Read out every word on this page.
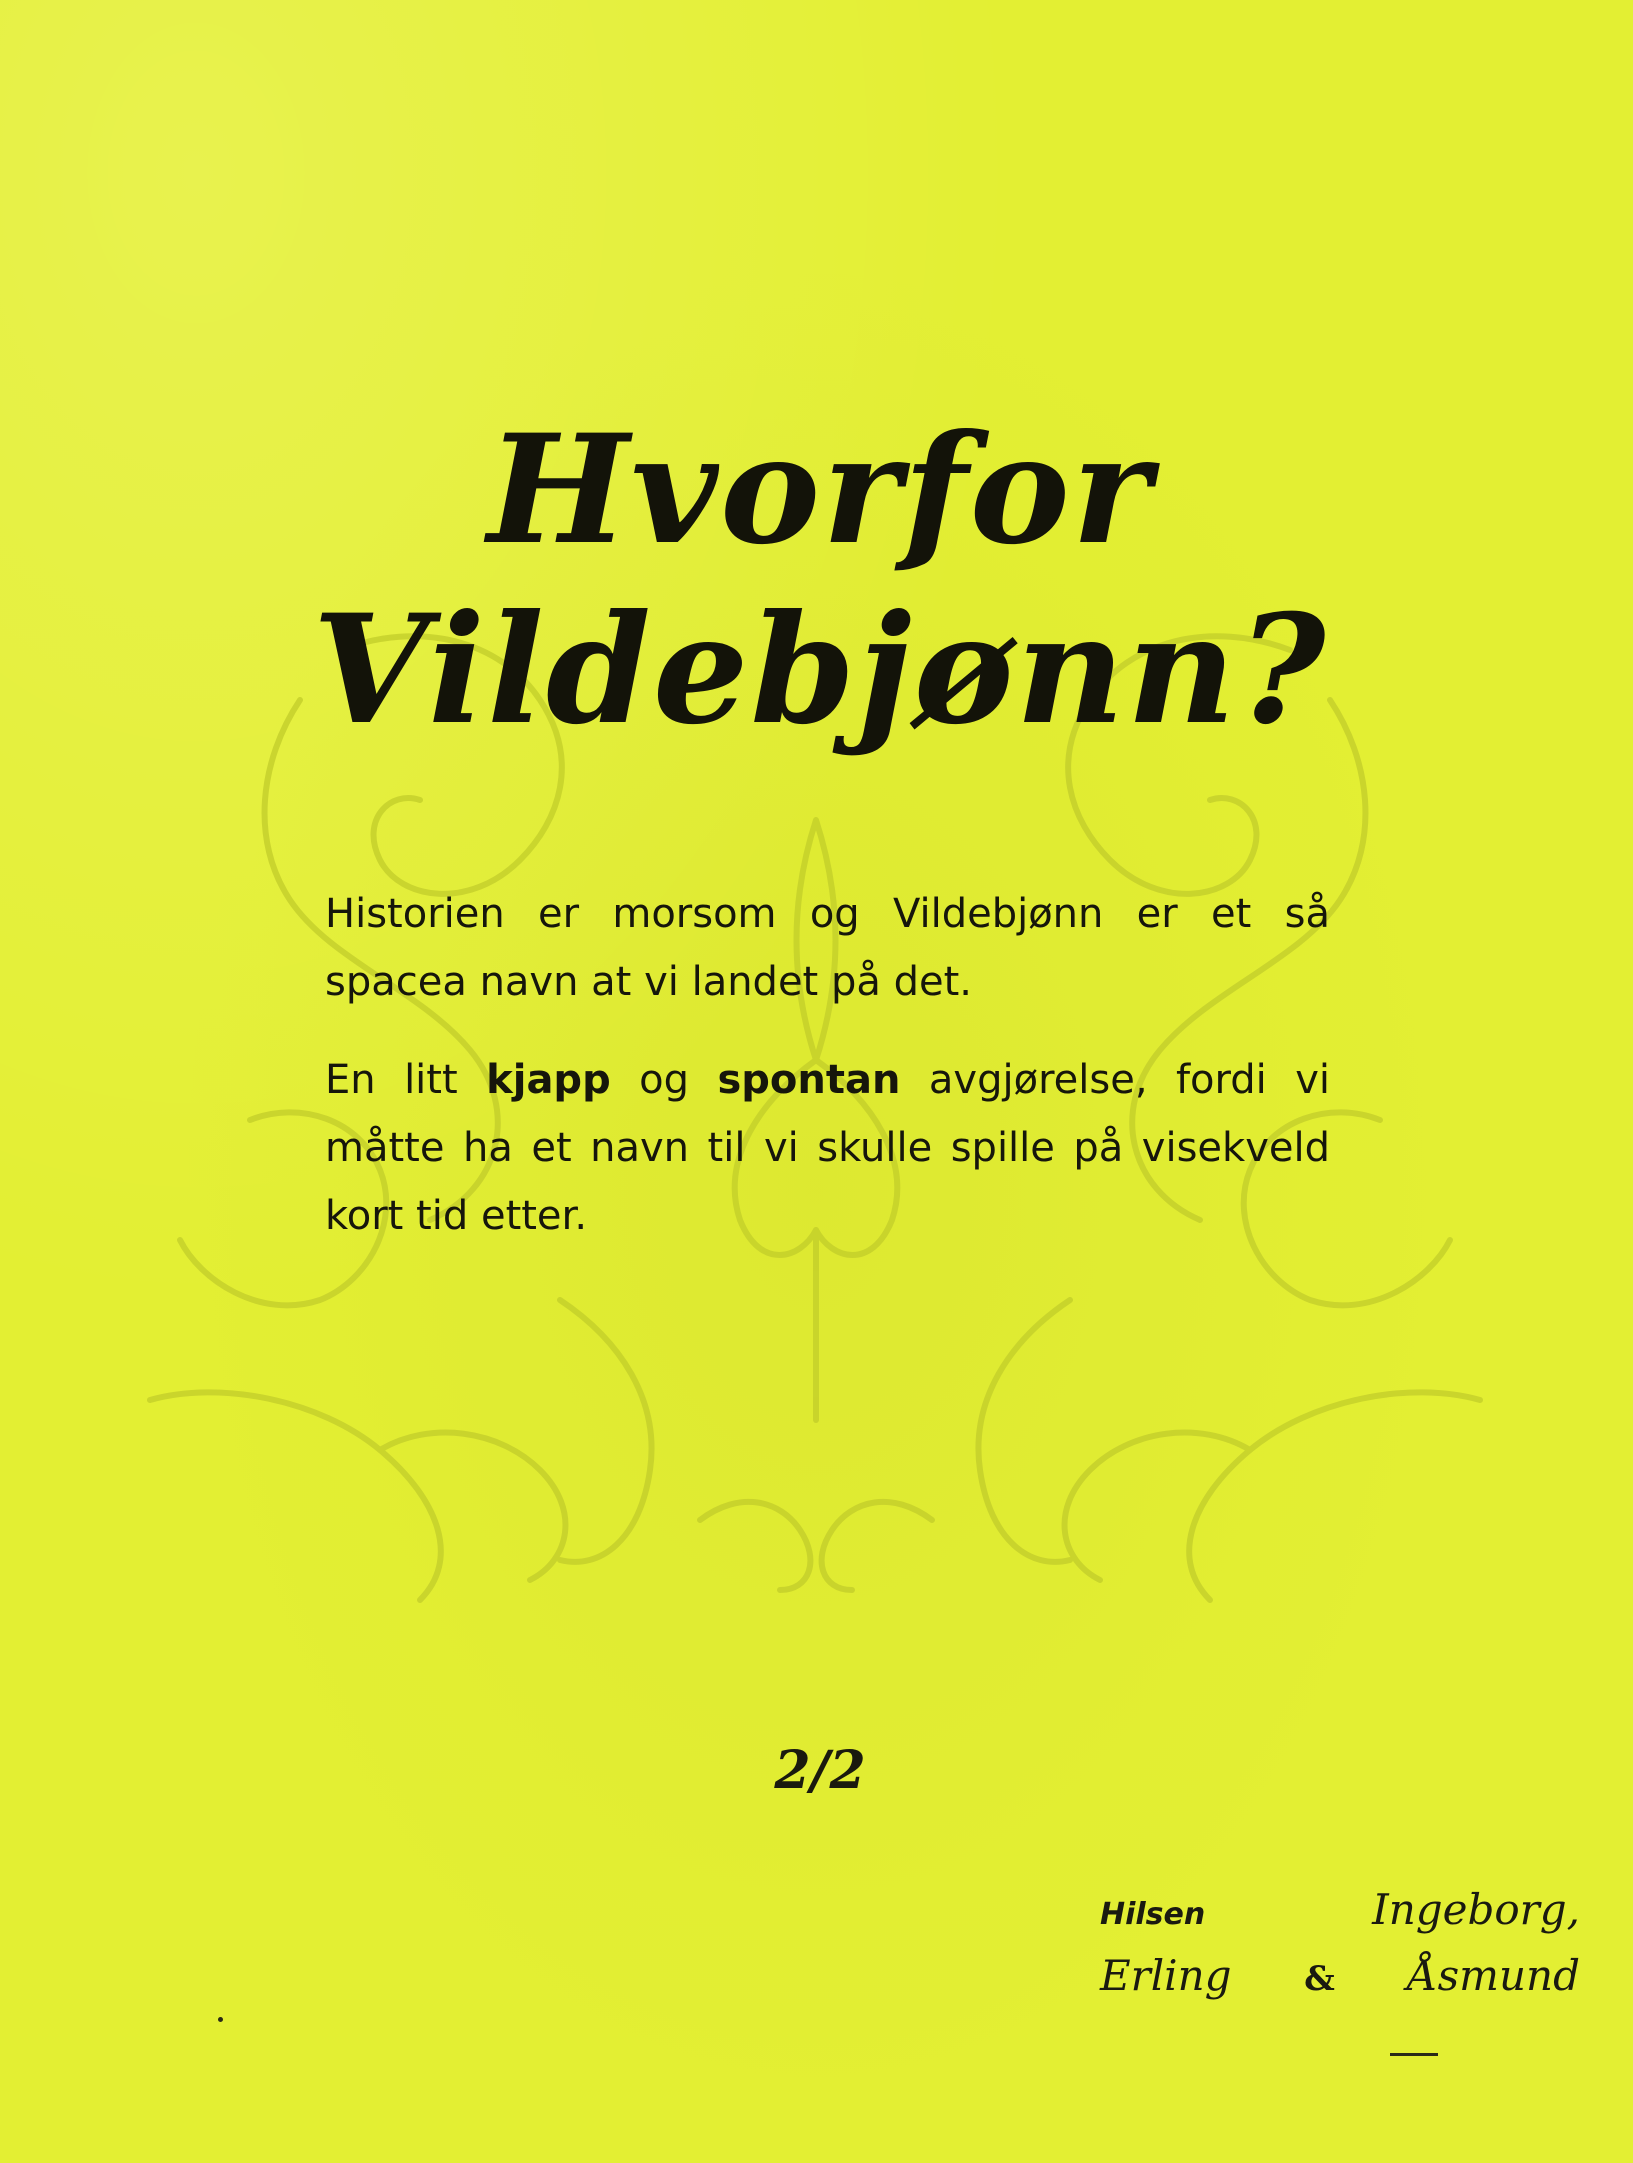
Hvorfor Vildebjønn?

Historien er morsom og Vildebjønn er et så spacea navn at vi landet på det.

En litt kjapp og spontan avgjørelse, fordi vi måtte ha et navn til vi skulle spille på visekveld kort tid etter.

2/2
Hilsen	Ingeborg,
Erling & Åsmund
